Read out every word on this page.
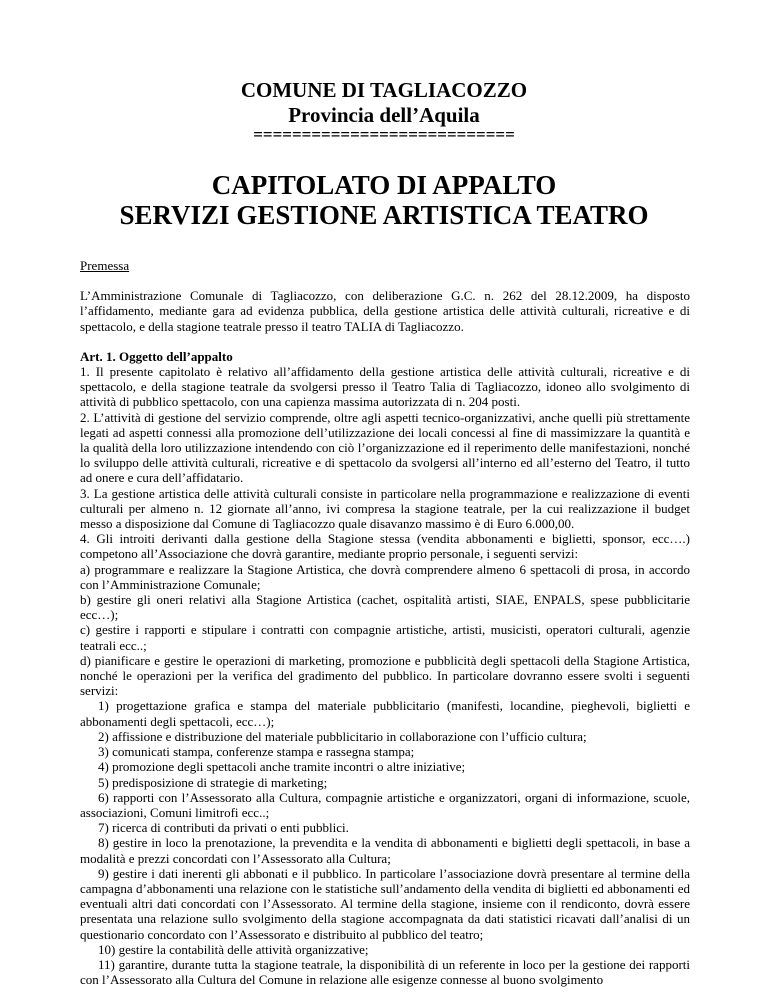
COMUNE DI TAGLIACOZZO
Provincia dell’Aquila
===========================
CAPITOLATO DI APPALTO
SERVIZI GESTIONE ARTISTICA TEATRO

Premessa

L’Amministrazione Comunale di Tagliacozzo, con deliberazione G.C. n. 262 del 28.12.2009, ha disposto l’affidamento, mediante gara ad evidenza pubblica, della gestione artistica delle attività culturali, ricreative e di spettacolo, e della stagione teatrale presso il teatro TALIA di Tagliacozzo.

Art. 1. Oggetto dell’appalto

1. Il presente capitolato è relativo all’affidamento della gestione artistica delle attività culturali, ricreative e di spettacolo, e della stagione teatrale da svolgersi presso il Teatro Talia di Tagliacozzo, idoneo allo svolgimento di attività di pubblico spettacolo, con una capienza massima autorizzata di n. 204 posti.

2. L’attività di gestione del servizio comprende, oltre agli aspetti tecnico-organizzativi, anche quelli più strettamente legati ad aspetti connessi alla promozione dell’utilizzazione dei locali concessi al fine di massimizzare la quantità e la qualità della loro utilizzazione intendendo con ciò l’organizzazione ed il reperimento delle manifestazioni, nonché lo sviluppo delle attività culturali, ricreative e di spettacolo da svolgersi all’interno ed all’esterno del Teatro, il tutto ad onere e cura dell’affidatario.

3. La gestione artistica delle attività culturali consiste in particolare nella programmazione e realizzazione di eventi culturali per almeno n. 12 giornate all’anno, ivi compresa la stagione teatrale, per la cui realizzazione il budget messo a disposizione dal Comune di Tagliacozzo quale disavanzo massimo è di Euro 6.000,00.

4. Gli introiti derivanti dalla gestione della Stagione stessa (vendita abbonamenti e biglietti, sponsor, ecc….) competono all’Associazione che dovrà garantire, mediante proprio personale, i seguenti servizi:

a) programmare e realizzare la Stagione Artistica, che dovrà comprendere almeno 6 spettacoli di prosa, in accordo con l’Amministrazione Comunale;

b) gestire gli oneri relativi alla Stagione Artistica (cachet, ospitalità artisti, SIAE, ENPALS, spese pubblicitarie ecc…);

c) gestire i rapporti e stipulare i contratti con compagnie artistiche, artisti, musicisti, operatori culturali, agenzie teatrali ecc..;

d) pianificare e gestire le operazioni di marketing, promozione e pubblicità degli spettacoli della Stagione Artistica, nonché le operazioni per la verifica del gradimento del pubblico. In particolare dovranno essere svolti i seguenti servizi:

1) progettazione grafica e stampa del materiale pubblicitario (manifesti, locandine, pieghevoli, biglietti e abbonamenti degli spettacoli, ecc…);

2) affissione e distribuzione del materiale pubblicitario in collaborazione con l’ufficio cultura;

3) comunicati stampa, conferenze stampa e rassegna stampa;

4) promozione degli spettacoli anche tramite incontri o altre iniziative;

5) predisposizione di strategie di marketing;

6) rapporti con l’Assessorato alla Cultura, compagnie artistiche e organizzatori, organi di informazione, scuole, associazioni, Comuni limitrofi ecc..;

7) ricerca di contributi da privati o enti pubblici.

8) gestire in loco la prenotazione, la prevendita e la vendita di abbonamenti e biglietti degli spettacoli, in base a modalità e prezzi concordati con l’Assessorato alla Cultura;

9) gestire i dati inerenti gli abbonati e il pubblico. In particolare l’associazione dovrà presentare al termine della campagna d’abbonamenti una relazione con le statistiche sull’andamento della vendita di biglietti ed abbonamenti ed eventuali altri dati concordati con l’Assessorato. Al termine della stagione, insieme con il rendiconto, dovrà essere presentata una relazione sullo svolgimento della stagione accompagnata da dati statistici ricavati dall’analisi di un questionario concordato con l’Assessorato e distribuito al pubblico del teatro;

10) gestire la contabilità delle attività organizzative;

11) garantire, durante tutta la stagione teatrale, la disponibilità di un referente in loco per la gestione dei rapporti con l’Assessorato alla Cultura del Comune in relazione alle esigenze connesse al buono svolgimento
